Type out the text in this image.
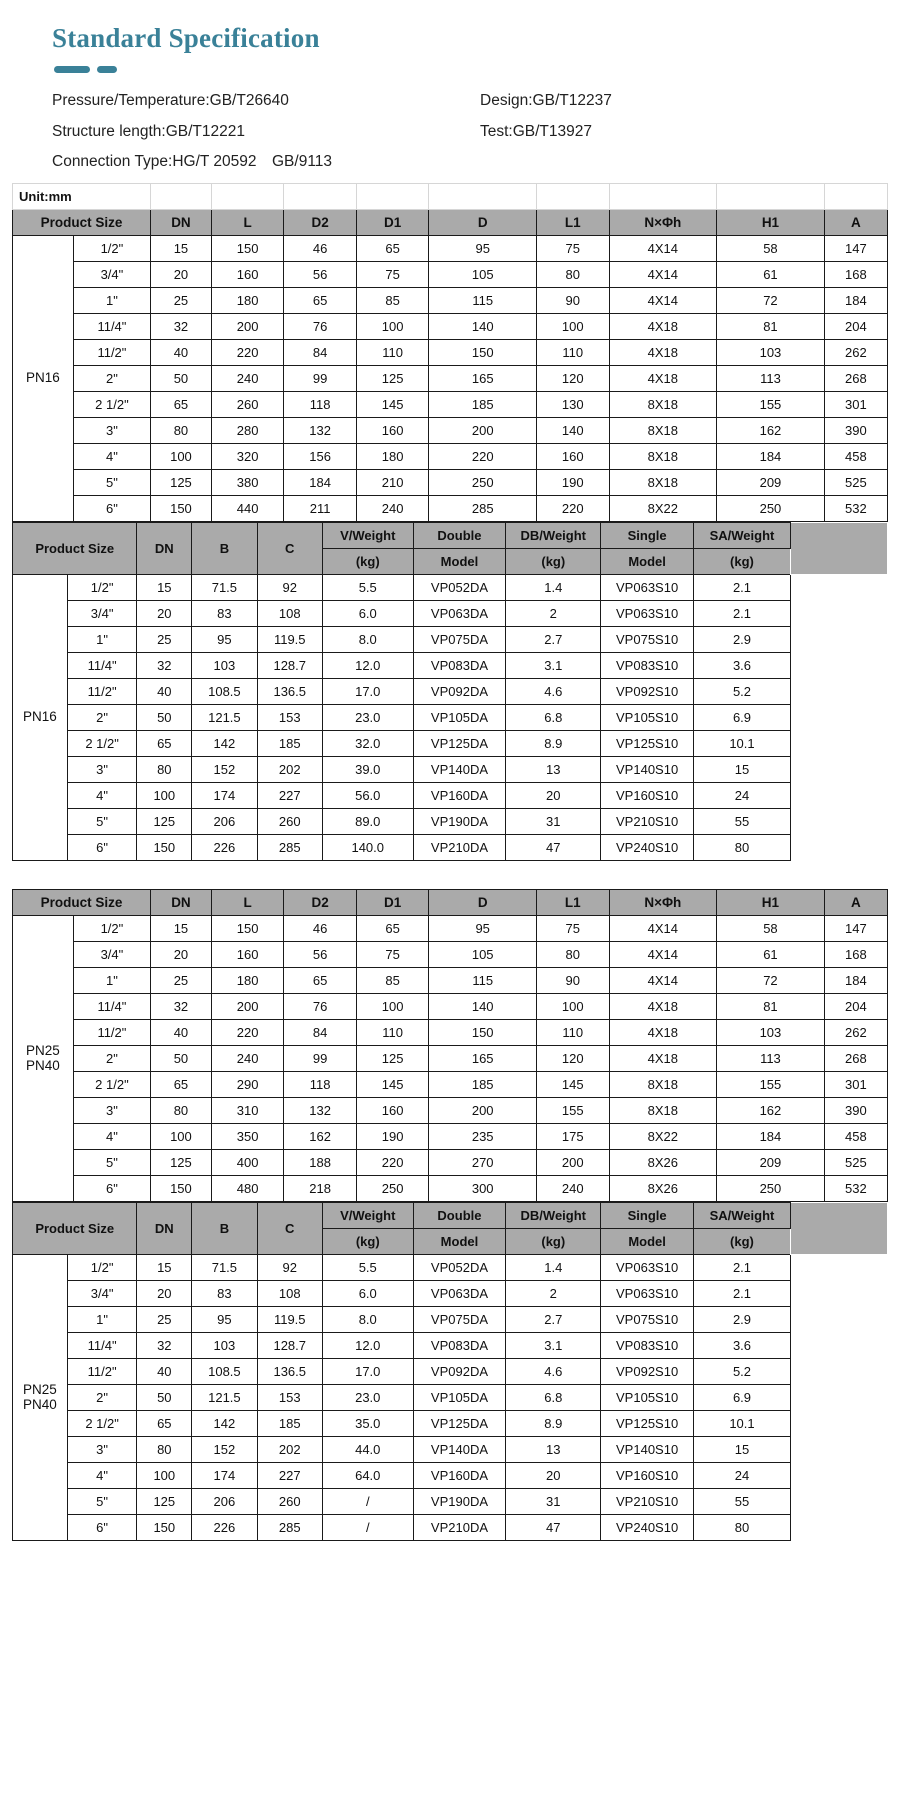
Standard Specification
Pressure/Temperature:GB/T26640	Design:GB/T12237
Structure length:GB/T12221	Test:GB/T13927
Connection Type:HG/T 20592 GB/9113
Unit:mm										
Product Size		DN	L	D2	D1	D	L1	N×Φh	H1	A

PN16	1/2"	15	150	46	65	95	75	4X14	58	147
	3/4"	20	160	56	75	105	80	4X14	61	168
	1"	25	180	65	85	115	90	4X14	72	184
	11/4"	32	200	76	100	140	100	4X18	81	204
	11/2"	40	220	84	110	150	110	4X18	103	262
	2"	50	240	99	125	165	120	4X18	113	268
	2 1/2"	65	260	118	145	185	130	8X18	155	301
	3"	80	280	132	160	200	140	8X18	162	390
	4"	100	320	156	180	220	160	8X18	184	458
	5"	125	380	184	210	250	190	8X18	209	525
	6"	150	440	211	240	285	220	8X22	250	532
Product Size		DN	B	C	V/Weight	Double	DB/Weight	Single	SA/Weight	
					(kg)	Model	(kg)	Model	(kg)	

PN16	1/2"	15	71.5	92	5.5	VP052DA	1.4	VP063S10	2.1	
	3/4"	20	83	108	6.0	VP063DA	2	VP063S10	2.1	
	1"	25	95	119.5	8.0	VP075DA	2.7	VP075S10	2.9	
	11/4"	32	103	128.7	12.0	VP083DA	3.1	VP083S10	3.6	
	11/2"	40	108.5	136.5	17.0	VP092DA	4.6	VP092S10	5.2	
	2"	50	121.5	153	23.0	VP105DA	6.8	VP105S10	6.9	
	2 1/2"	65	142	185	32.0	VP125DA	8.9	VP125S10	10.1	
	3"	80	152	202	39.0	VP140DA	13	VP140S10	15	
	4"	100	174	227	56.0	VP160DA	20	VP160S10	24	
	5"	125	206	260	89.0	VP190DA	31	VP210S10	55	
	6"	150	226	285	140.0	VP210DA	47	VP240S10	80	
Product Size		DN	L	D2	D1	D	L1	N×Φh	H1	A

PN25
PN40	1/2"	15	150	46	65	95	75	4X14	58	147
	3/4"	20	160	56	75	105	80	4X14	61	168
	1"	25	180	65	85	115	90	4X14	72	184
	11/4"	32	200	76	100	140	100	4X18	81	204
	11/2"	40	220	84	110	150	110	4X18	103	262
	2"	50	240	99	125	165	120	4X18	113	268
	2 1/2"	65	290	118	145	185	145	8X18	155	301
	3"	80	310	132	160	200	155	8X18	162	390
	4"	100	350	162	190	235	175	8X22	184	458
	5"	125	400	188	220	270	200	8X26	209	525
	6"	150	480	218	250	300	240	8X26	250	532
Product Size		DN	B	C	V/Weight	Double	DB/Weight	Single	SA/Weight	
					(kg)	Model	(kg)	Model	(kg)	

PN25
PN40	1/2"	15	71.5	92	5.5	VP052DA	1.4	VP063S10	2.1	
	3/4"	20	83	108	6.0	VP063DA	2	VP063S10	2.1	
	1"	25	95	119.5	8.0	VP075DA	2.7	VP075S10	2.9	
	11/4"	32	103	128.7	12.0	VP083DA	3.1	VP083S10	3.6	
	11/2"	40	108.5	136.5	17.0	VP092DA	4.6	VP092S10	5.2	
	2"	50	121.5	153	23.0	VP105DA	6.8	VP105S10	6.9	
	2 1/2"	65	142	185	35.0	VP125DA	8.9	VP125S10	10.1	
	3"	80	152	202	44.0	VP140DA	13	VP140S10	15	
	4"	100	174	227	64.0	VP160DA	20	VP160S10	24	
	5"	125	206	260	/	VP190DA	31	VP210S10	55	
	6"	150	226	285	/	VP210DA	47	VP240S10	80	
